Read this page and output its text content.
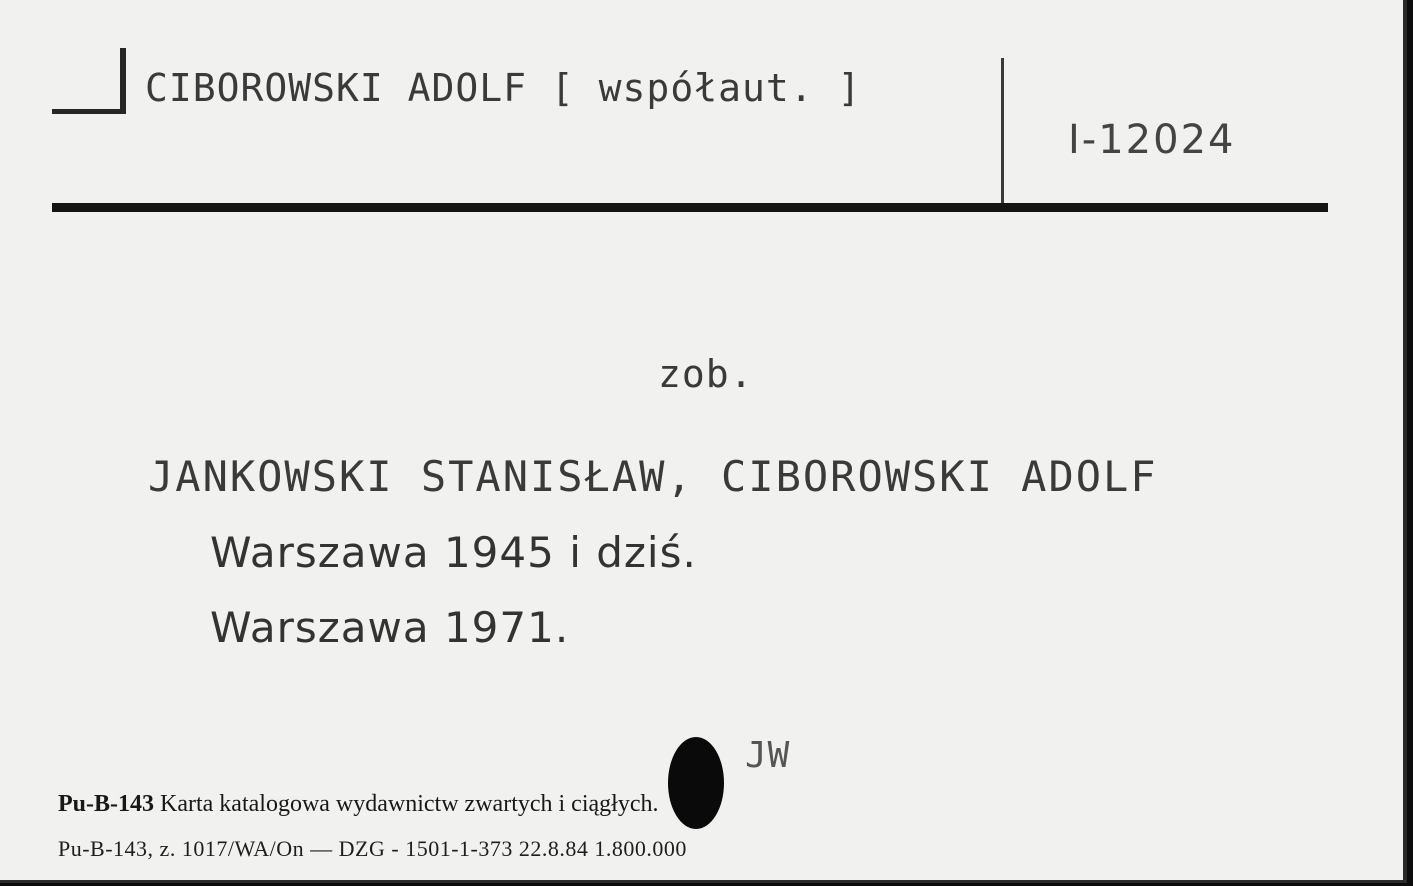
CIBOROWSKI ADOLF [ współaut. ]
I-12024
zob.
JANKOWSKI STANISŁAW, CIBOROWSKI ADOLF
Warszawa 1945 i dziś.
Warszawa 1971.
JW
Pu-B-143 Karta katalogowa wydawnictw zwartych i ciągłych.
Pu-B-143, z. 1017/WA/On — DZG - 1501-1-373 22.8.84 1.800.000
